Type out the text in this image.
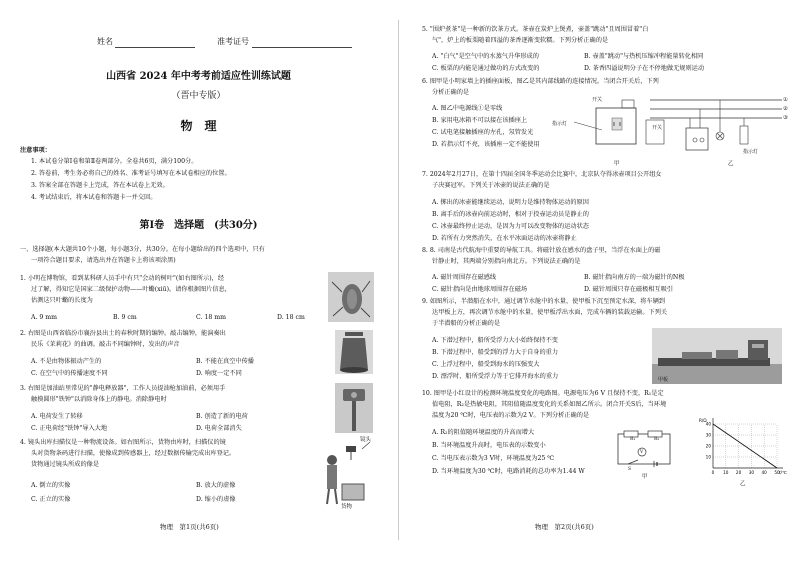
姓名	准考证号
山西省 2024 年中考考前适应性训练试题
（晋中专版）
物　理
注意事项：
1. 本试卷分第Ⅰ卷和第Ⅱ卷两部分。全卷共6页，满分100分。
2. 答卷前，考生务必将自己的姓名、准考证号填写在本试卷相应的位置。
3. 答案全部在答题卡上完成，答在本试卷上无效。
4. 考试结束后，将本试卷和答题卡一并交回。
第Ⅰ卷　选择题　(共30分)
一、选择题(本大题共10个小题，每小题3分，共30分。在每小题给出的四个选项中，只有
一项符合题目要求，请选出并在答题卡上将该项涂黑)
1. 小明在博物馆，看到某科研人员手中有只"会动的树叶"(如右图所示)，经
过了解，得知它是国家二级保护动物——叶䗛(xiū)。请你根据图片信息，
估测这只叶䗛的长度为
A. 9 mm	B. 9 cm	C. 18 mm	D. 18 cm
2. 右图是山西省临汾市襄汾县出土的春秋时期的编钟。敲击编钟，能演奏出
民乐《茉莉花》的曲调。敲击不同编钟时，发出的声音
A. 不是由物体振动产生的	B. 不能在真空中传播
C. 在空气中的传播速度不同	D. 响度一定不同
3. 右图是加油站里常见的"静电释放器"，工作人员提油枪加油前，必须用手
触摸圆形"铁钟"以消除身体上的静电。消除静电时
A. 电荷发生了转移	B. 创造了新的电荷
C. 正电荷经"铁钟"导入大地	D. 电荷全部消失
4. 镜头出库扫描仪是一种物流设备。如右图所示，货物由库时，扫描仪的镜
头对货物条码进行扫描，使像成到传感器上，经过数据传输完成出库登记。
货物通过镜头所成的像是
A. 倒立的实像	B. 放大的虚像
C. 正立的实像	D. 缩小的虚像
镜头
货物
物理　第1页(共6页)
5. "围炉煮茶"是一种新的饮茶方式。茶壶在炭炉上煲煮，壶盖"跳动"且周围冒着"白
气"，炉上的板栗随着四溢的茶香逐渐变软糯。下列分析正确的是
A. "白气"是空气中的水蒸气升华形成的	B. 壶盖"跳动"与热机压缩冲程能量转化相同
C. 板栗的内能是通过做功的方式改变的	D. 茶香四溢说明分子在不停地做无规则运动
6. 图甲是小明家墙上的插座面板，图乙是其内部线路的连接情况。当闭合开关后，下列
分析正确的是
A. 图乙中电源线①是零线
B. 家用电冰箱不可以接在该插座上
C. 试电笔接触插座的左孔，氖管发光
D. 若指示灯不亮，该插座一定不能使用
开关
指示灯
甲	乙
开关
指示灯
①
②
③
7. 2024年2月27日，在第十四届全国冬季运动会比赛中，北京队夺得冰壶项目公开组女
子决赛冠军。下列关于冰壶的说法正确的是
A. 掷出的冰壶能继续运动，说明力是维持物体运动的原因
B. 离手后的冰壶向前运动时，相对于投壶运动员是静止的
C. 冰壶最终停止运动，是因为力可以改变物体的运动状态
D. 若所有力突然消失，在水平冰面运动的冰壶将静止
8. 8. 司南是古代航海中重要的导航工具。将磁针放在感水的盘子里，当浮在水面上的磁
针静止时，其两端分别指向南北方。下列说法正确的是
A. 磁针周围存在磁感线	B. 磁针指向南方的一端为磁针的N极
C. 磁针指向是由地球周围存在磁场	D. 磁针周围只存在磁极相互吸引
9. 如图所示，半潜船在水中，通过调节水舱中的水量，使甲板下沉至预定水深，将车辆到
达甲板上方，再次调节水舱中的水量，使甲板浮出水面，完成车辆的装载运输。下列关
于半潜船的分析正确的是
A. 下潜过程中，船所受浮力大小始终保持不变
B. 下潜过程中，船受到的浮力大于自身的重力
C. 上浮过程中，船受到海水的压强变大
D. 漂浮时，船所受浮力等于它排开海水的重力	甲板
10. 图甲是小红设计的检测环境温度变化的电路图。电源电压为6 V 且保持不变，R₁是定
值电阻，R₂是热敏电阻，其阻值随温度变化的关系如图乙所示。闭合开关S后，当环境
温度为20 ℃时，电压表的示数为2 V。下列分析正确的是
A. R₂的阻值随环境温度的升高而增大
B. 当环境温度升高时，电压表的示数变小
C. 当电压表示数为3 V时，环境温度为25 ℃
D. 当环境温度为30 ℃时，电路消耗的总功率为1.44 W
R₁	R₂
V
S
甲
0 10 20 30 40 50
10
20
30
40
t/℃
R/Ω
乙
物理　第2页(共6页)
